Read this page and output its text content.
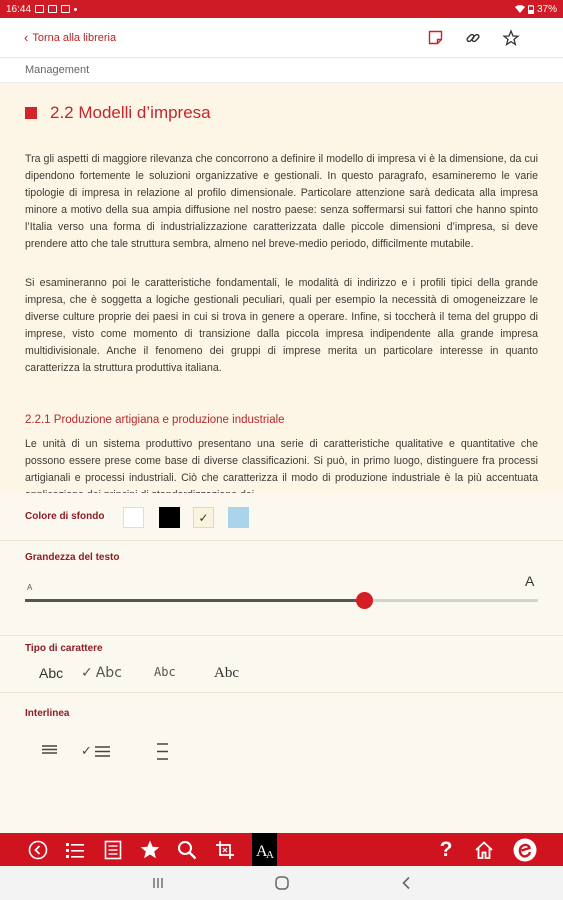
16:44	37%
‹ Torna alla libreria
Management
2.2 Modelli d’impresa

Tra gli aspetti di maggiore rilevanza che concorrono a definire il modello di impresa vi è la dimensione, da cui dipendono fortemente le soluzioni organizzative e gestionali. In questo paragrafo, esamineremo le varie tipologie di impresa in relazione al profilo dimensionale. Particolare attenzione sarà dedicata alla impresa minore a motivo della sua ampia diffusione nel nostro paese: senza soffermarsi sui fattori che hanno spinto l’Italia verso una forma di industrializzazione caratterizzata dalle piccole dimensioni d’impresa, si deve prendere atto che tale struttura sembra, almeno nel breve-medio periodo, difficilmente mutabile.

Si esamineranno poi le caratteristiche fondamentali, le modalità di indirizzo e i profili tipici della grande impresa, che è soggetta a logiche gestionali peculiari, quali per esempio la necessità di omogeneizzare le diverse culture proprie dei paesi in cui si trova in genere a operare. Infine, si toccherà il tema del gruppo di imprese, visto come momento di transizione dalla piccola impresa indipendente alla grande impresa multidivisionale. Anche il fenomeno dei gruppi di imprese merita un particolare interesse in quanto caratterizza la struttura produttiva italiana.

2.2.1 Produzione artigiana e produzione industriale

Le unità di un sistema produttivo presentano una serie di caratteristiche qualitative e quantitative che possono essere prese come base di diverse classificazioni. Si può, in primo luogo, distinguere fra processi artigianali e processi industriali. Ciò che caratterizza il modo di produzione industriale è la più accentuata

Colore di sfondo	✓
Grandezza del testo
A	A
Tipo di carattere
Abc ✓ Abc	Abc	Abc
Interlinea
✓
A
A	?
